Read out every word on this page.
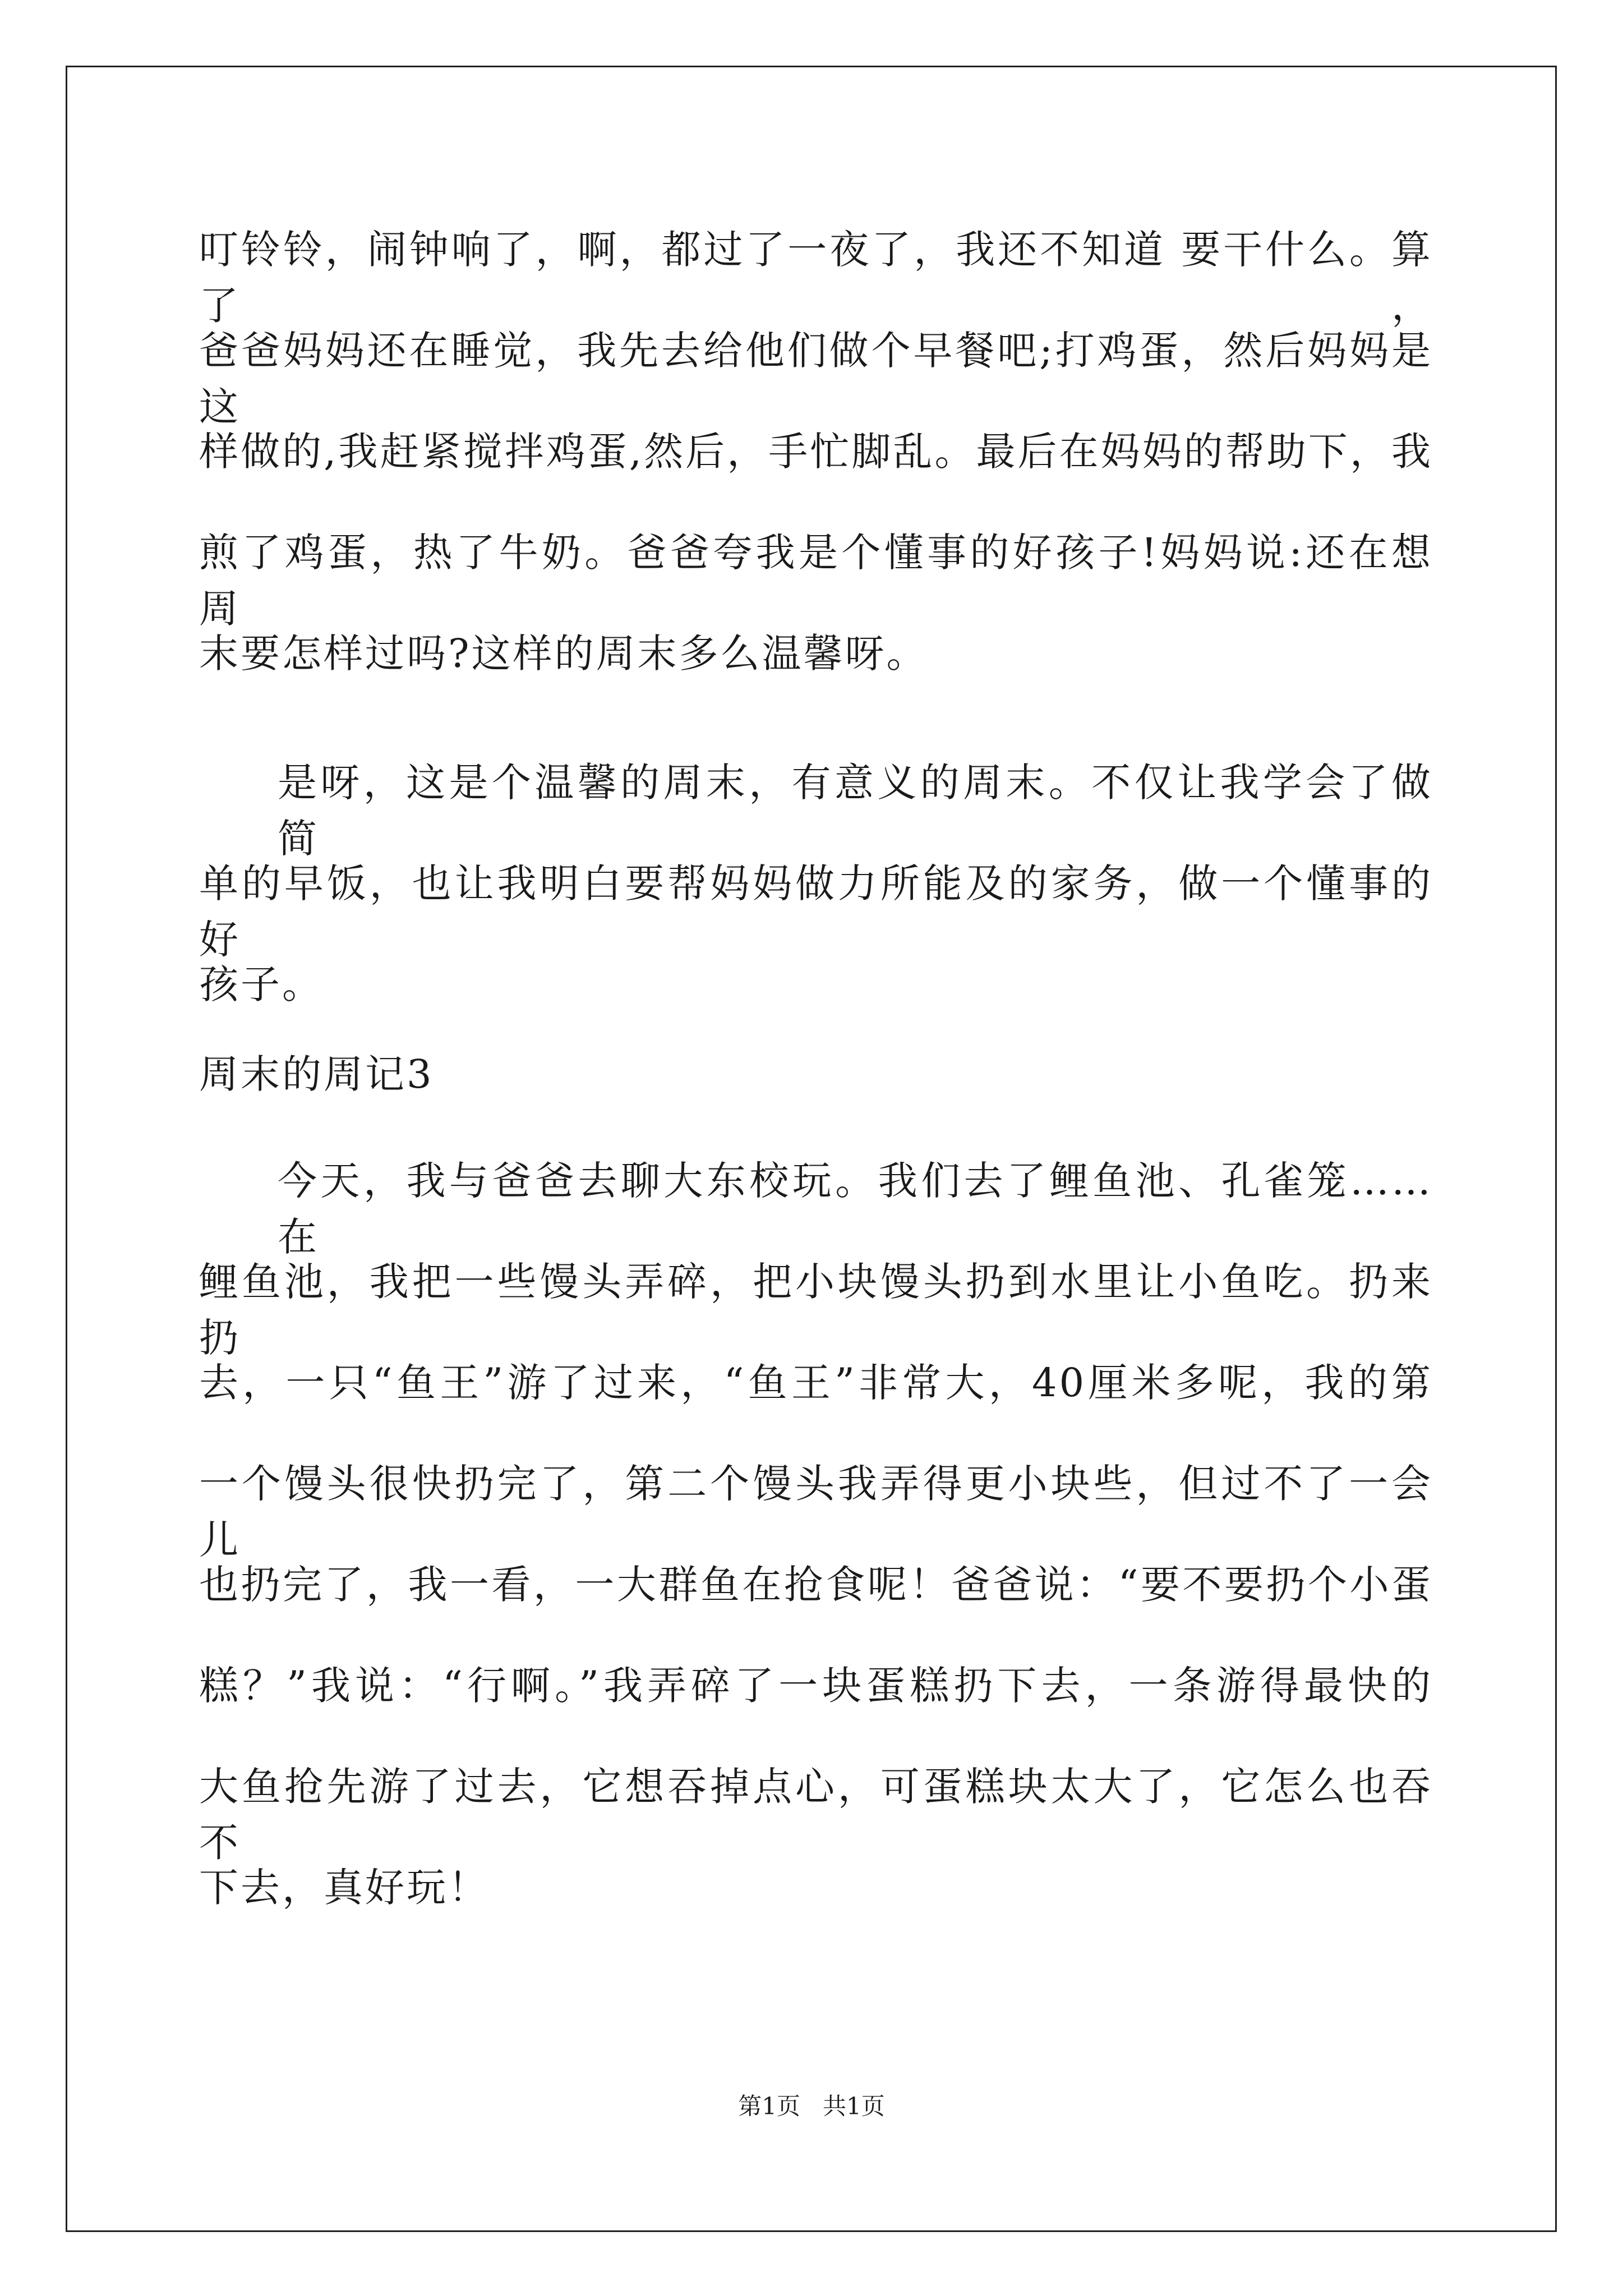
叮铃铃，闹钟响了，啊，都过了一夜了，我还不知道 要干什么。算了，
爸爸妈妈还在睡觉，我先去给他们做个早餐吧;打鸡蛋，然后妈妈是这
样做的,我赶紧搅拌鸡蛋,然后，手忙脚乱。最后在妈妈的帮助下，我
煎了鸡蛋，热了牛奶。爸爸夸我是个懂事的好孩子!妈妈说:还在想周
末要怎样过吗?这样的周末多么温馨呀。
是呀，这是个温馨的周末，有意义的周末。不仅让我学会了做简
单的早饭，也让我明白要帮妈妈做力所能及的家务，做一个懂事的好
孩子。
周末的周记3
今天，我与爸爸去聊大东校玩。我们去了鲤鱼池、孔雀笼……在
鲤鱼池，我把一些馒头弄碎，把小块馒头扔到水里让小鱼吃。扔来扔
去，一只“鱼王”游了过来，“鱼王”非常大，40厘米多呢，我的第
一个馒头很快扔完了，第二个馒头我弄得更小块些，但过不了一会儿
也扔完了，我一看，一大群鱼在抢食呢！爸爸说：“要不要扔个小蛋
糕？”我说：“行啊。”我弄碎了一块蛋糕扔下去，一条游得最快的
大鱼抢先游了过去，它想吞掉点心，可蛋糕块太大了，它怎么也吞不
下去，真好玩！
第1页 共1页
